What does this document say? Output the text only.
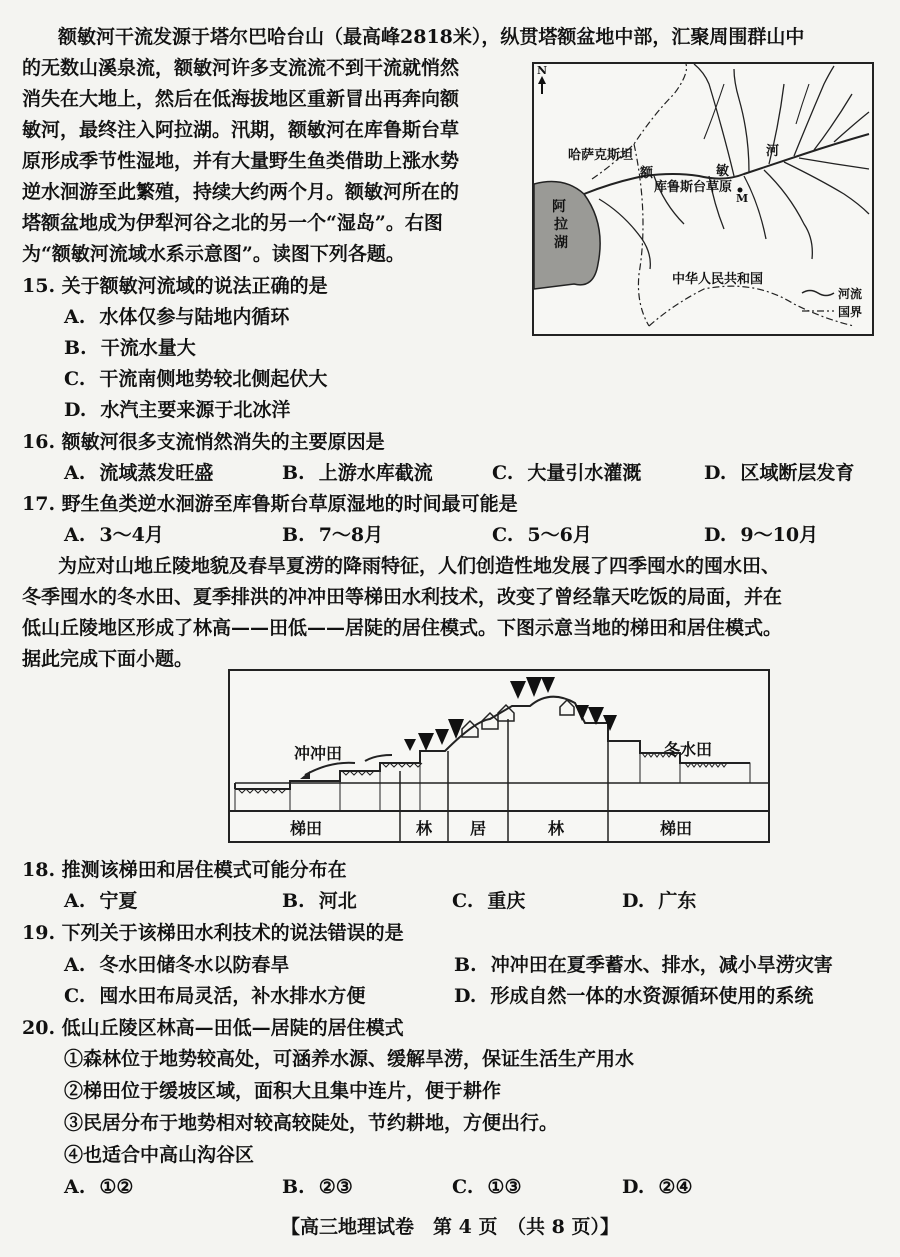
额敏河干流发源于塔尔巴哈台山（最高峰2818米），纵贯塔额盆地中部，汇聚周围群山中

的无数山溪泉流，额敏河许多支流流不到干流就悄然

消失在大地上，然后在低海拔地区重新冒出再奔向额

敏河，最终注入阿拉湖。汛期，额敏河在库鲁斯台草

原形成季节性湿地，并有大量野生鱼类借助上涨水势

逆水洄游至此繁殖，持续大约两个月。额敏河所在的

塔额盆地成为伊犁河谷之北的另一个“湿岛”。右图

为“额敏河流域水系示意图”。读图下列各题。

N
哈萨克斯坦
阿
拉
湖
额
库鲁斯台草原
敏
河
M
中华人民共和国
河流
国界
15. 关于额敏河流域的说法正确的是
A. 水体仅参与陆地内循环
B. 干流水量大
C. 干流南侧地势较北侧起伏大
D. 水汽主要来源于北冰洋
16. 额敏河很多支流悄然消失的主要原因是
A. 流域蒸发旺盛	B. 上游水库截流	C. 大量引水灌溉	D. 区域断层发育
17. 野生鱼类逆水洄游至库鲁斯台草原湿地的时间最可能是
A. 3～4月	B. 7～8月	C. 5～6月	D. 9～10月

为应对山地丘陵地貌及春旱夏涝的降雨特征，人们创造性地发展了四季囤水的囤水田、

冬季囤水的冬水田、夏季排洪的冲冲田等梯田水利技术，改变了曾经靠天吃饭的局面，并在

低山丘陵地区形成了林高——田低——居陡的居住模式。下图示意当地的梯田和居住模式。

据此完成下面小题。

冲冲田	冬水田
梯田	林 居	林	梯田
18. 推测该梯田和居住模式可能分布在
A. 宁夏	B. 河北	C. 重庆	D. 广东
19. 下列关于该梯田水利技术的说法错误的是
A. 冬水田储冬水以防春旱	B. 冲冲田在夏季蓄水、排水，减小旱涝灾害
C. 囤水田布局灵活，补水排水方便	D. 形成自然一体的水资源循环使用的系统
20. 低山丘陵区林高—田低—居陡的居住模式
①森林位于地势较高处，可涵养水源、缓解旱涝，保证生活生产用水
②梯田位于缓坡区域，面积大且集中连片，便于耕作
③民居分布于地势相对较高较陡处，节约耕地，方便出行。
④也适合中高山沟谷区
A. ①②	B. ②③	C. ①③	D. ②④
【高三地理试卷　第 4 页　（共 8 页）】
